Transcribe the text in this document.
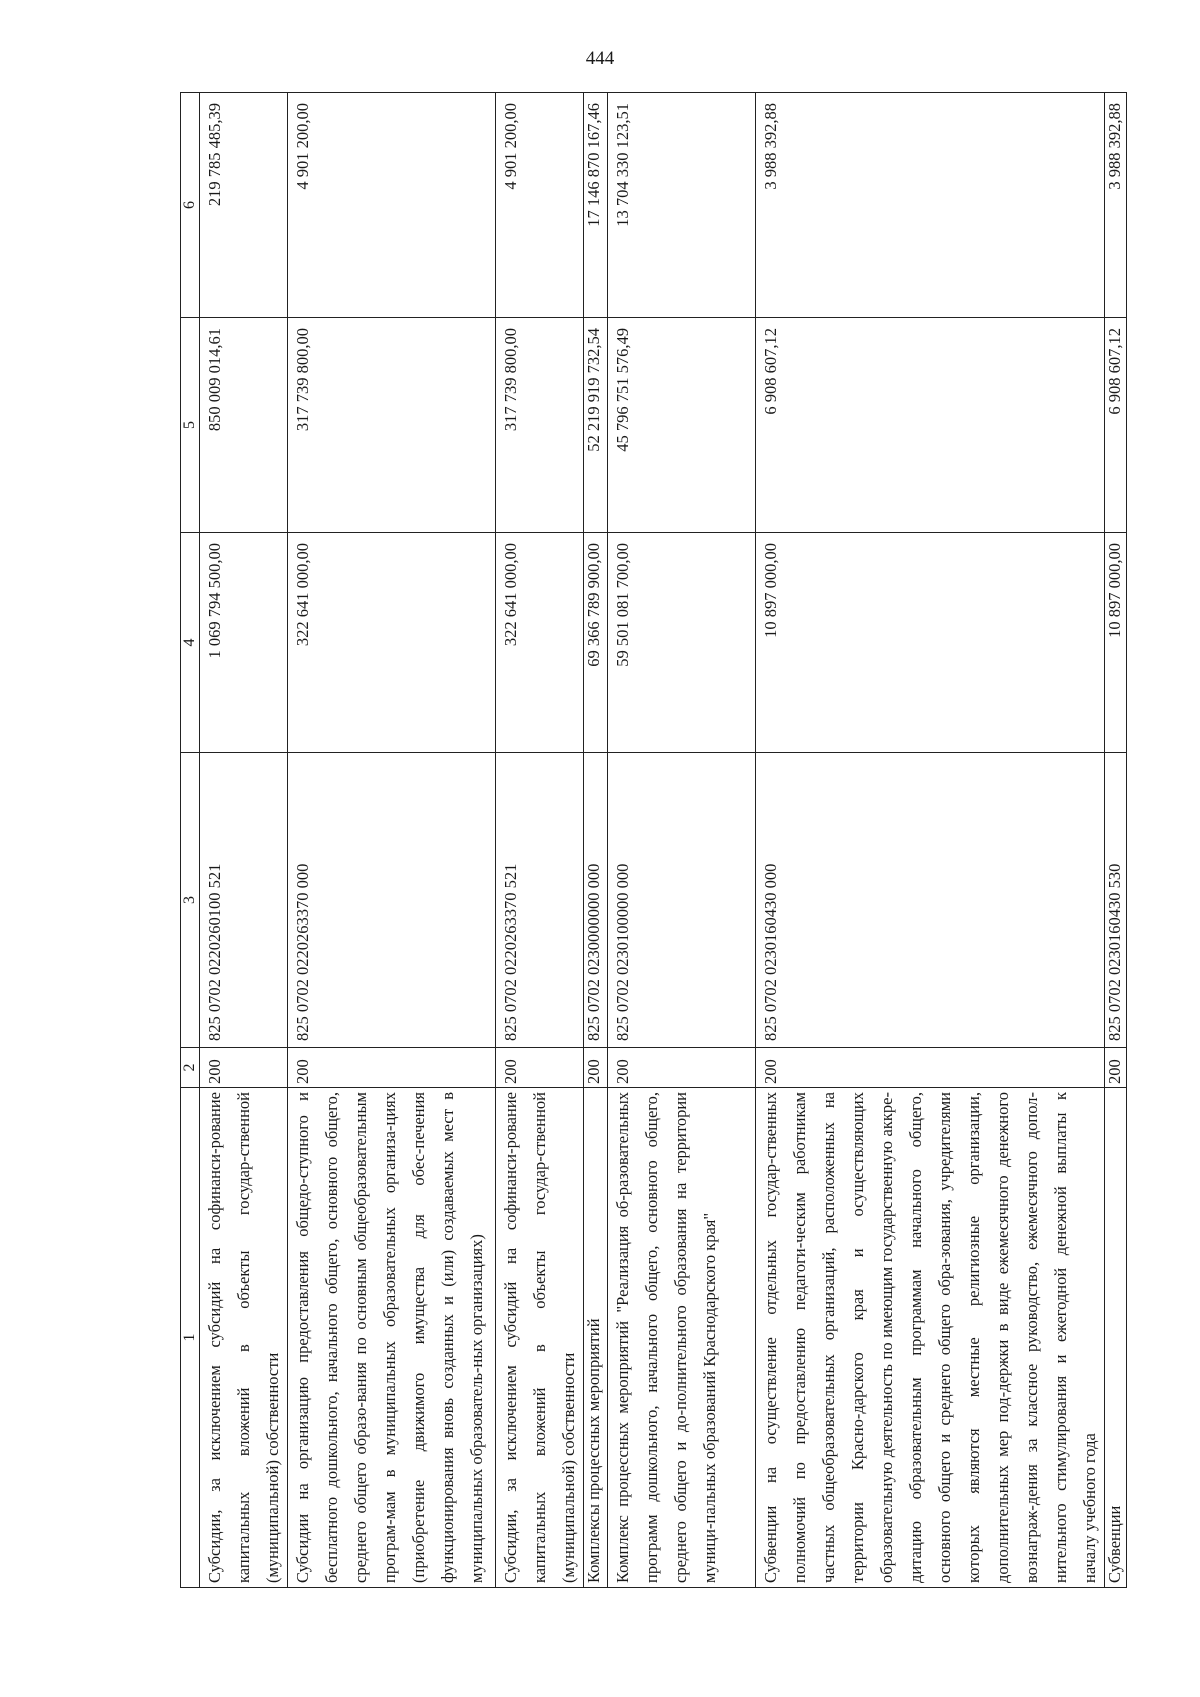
444
1	2	3	4	5	6
Субсидии, за исключением субсидий на софинанси-рование капитальных вложений в объекты государ-ственной (муниципальной) собственности	200	825 0702 0220260100 521	1 069 794 500,00	850 009 014,61	219 785 485,39
Субсидии на организацию предоставления общедо-ступного и бесплатного дошкольного, начального общего, основного общего, среднего общего образо-вания по основным общеобразовательным програм-мам в муниципальных образовательных организа-циях (приобретение движимого имущества для обес-печения функционирования вновь созданных и (или) создаваемых мест в муниципальных образователь-ных организациях)	200	825 0702 0220263370 000	322 641 000,00	317 739 800,00	4 901 200,00
Субсидии, за исключением субсидий на софинанси-рование капитальных вложений в объекты государ-ственной (муниципальной) собственности	200	825 0702 0220263370 521	322 641 000,00	317 739 800,00	4 901 200,00
Комплексы процессных мероприятий	200	825 0702 0230000000 000	69 366 789 900,00	52 219 919 732,54	17 146 870 167,46
Комплекс процессных мероприятий "Реализация об-разовательных программ дошкольного, начального общего, основного общего, среднего общего и до-полнительного образования на территории муници-пальных образований Краснодарского края"	200	825 0702 0230100000 000	59 501 081 700,00	45 796 751 576,49	13 704 330 123,51
Субвенции на осуществление отдельных государ-ственных полномочий по предоставлению педагоги-ческим работникам частных общеобразовательных организаций, расположенных на территории Красно-дарского края и осуществляющих образовательную деятельность по имеющим государственную аккре-дитацию образовательным программам начального общего, основного общего и среднего общего обра-зования, учредителями которых являются местные религиозные организации, дополнительных мер под-держки в виде ежемесячного денежного вознаграж-дения за классное руководство, ежемесячного допол-нительного стимулирования и ежегодной денежной выплаты к началу учебного года	200	825 0702 0230160430 000	10 897 000,00	6 908 607,12	3 988 392,88
Субвенции	200	825 0702 0230160430 530	10 897 000,00	6 908 607,12	3 988 392,88
